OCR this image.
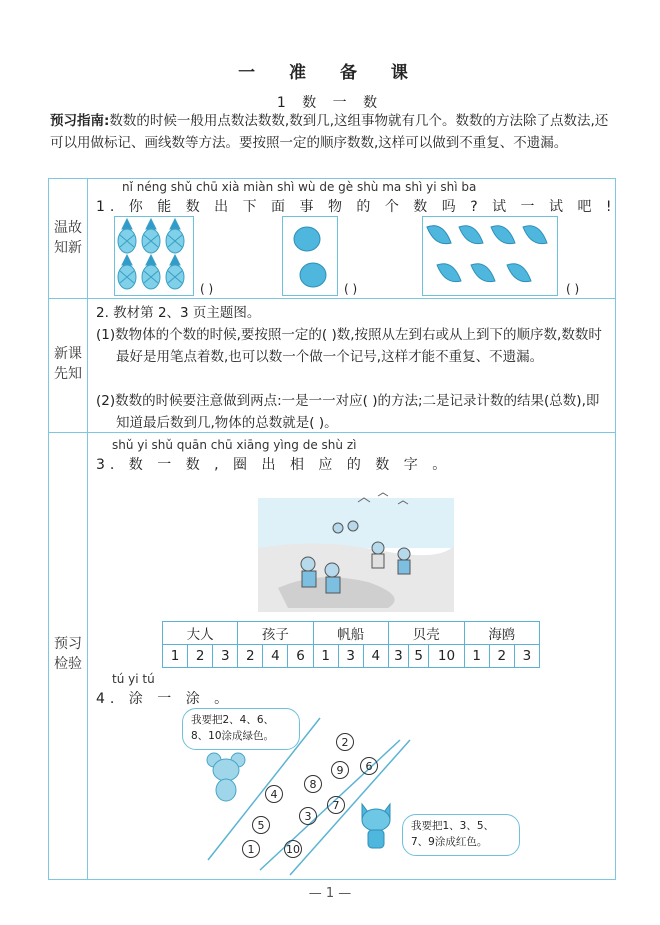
一 准 备 课
1 数 一 数
预习指南:数数的时候一般用点数法数数,数到几,这组事物就有几个。数数的方法除了点数法,还可以用做标记、画线数等方法。要按照一定的顺序数数,这样可以做到不重复、不遗漏。
温故知新
新课先知
预习检验
nǐ néng shǔ chū xià miàn shì wù de gè shù ma shì yi shì ba
1. 你 能 数 出 下 面 事 物 的 个 数 吗 ? 试 一 试 吧 !
( )	( )	( )
2. 教材第 2、3 页主题图。
(1)数物体的个数的时候,要按照一定的( )数,按照从左到右或从上到下的顺序数,数数时最好是用笔点着数,也可以数一个做一个记号,这样才能不重复、不遗漏。
(2)数数的时候要注意做到两点:一是一一对应( )的方法;二是记录计数的结果(总数),即知道最后数到几,物体的总数就是( )。
shǔ yi shǔ quān chū xiāng yìng de shù zì
3. 数 一 数 , 圈 出 相 应 的 数 字 。
大人			孩子			帆船			贝壳			海鸥		
1	2	3	2	4	6	1	3	4	3	5	10	1	2	3
tú yi tú
4. 涂 一 涂 。
我要把2、4、6、8、10涂成绿色。
我要把1、3、5、7、9涂成红色。
2
9	6
8
4
7
3
5
1	10
— 1 —
